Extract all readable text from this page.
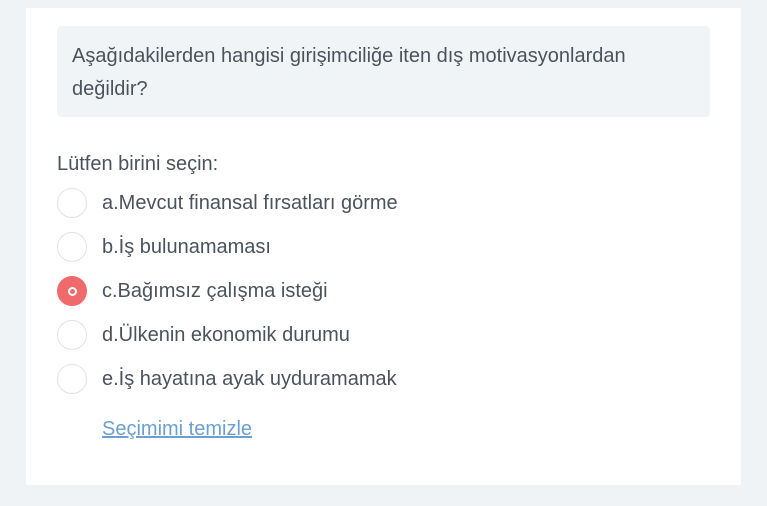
Aşağıdakilerden hangisi girişimciliğe iten dış motivasyonlardan değildir?
Lütfen birini seçin:
a.Mevcut finansal fırsatları görme
b.İş bulunamaması
c.Bağımsız çalışma isteği
d.Ülkenin ekonomik durumu
e.İş hayatına ayak uyduramamak
Seçimimi temizle
